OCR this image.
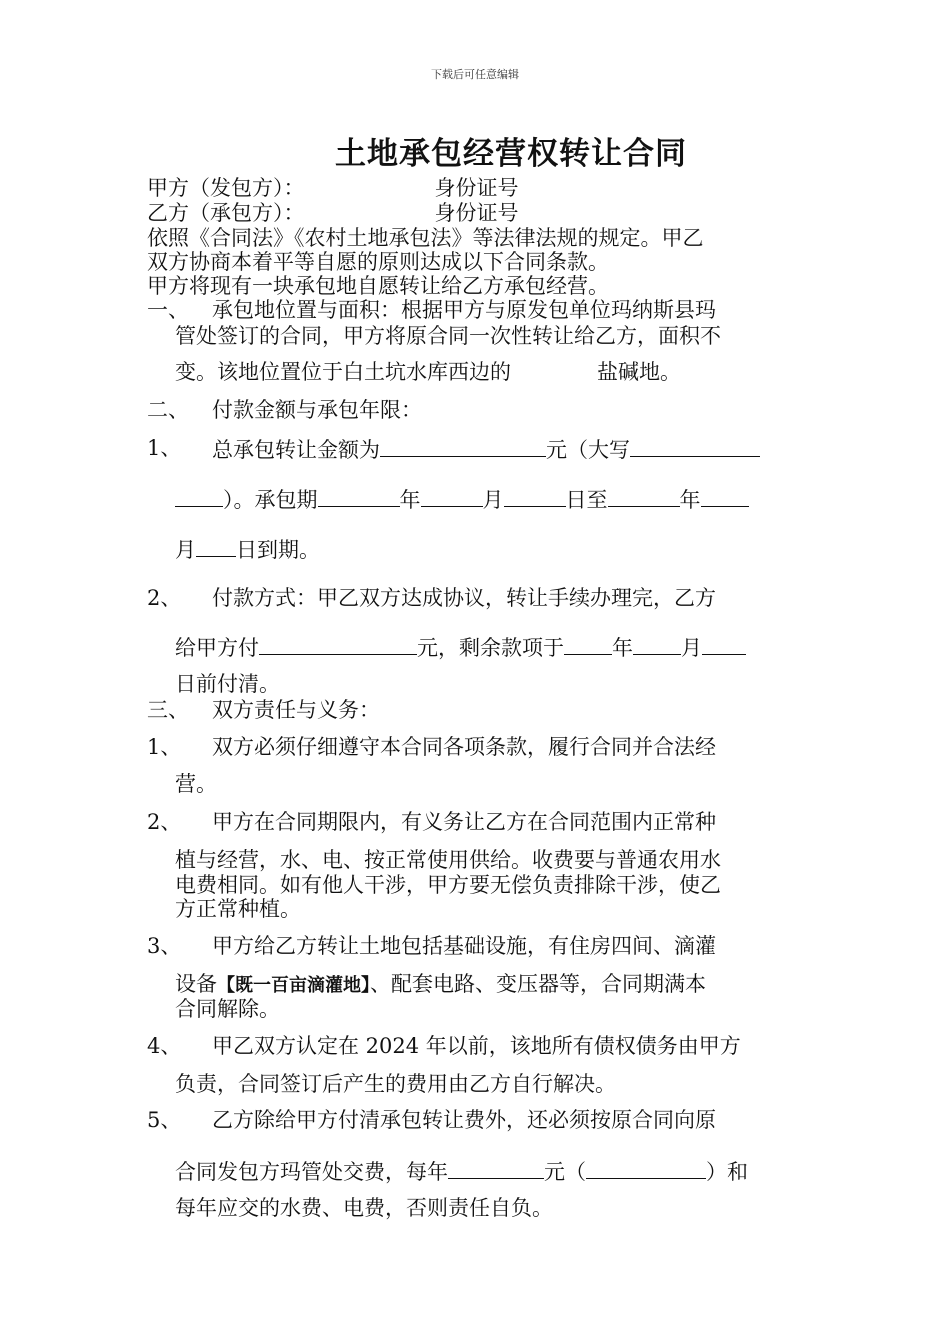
下载后可任意编辑
土地承包经营权转让合同
甲方（发包方）：	身份证号
乙方（承包方）：	身份证号
依照《合同法》《农村土地承包法》等法律法规的规定。甲乙
双方协商本着平等自愿的原则达成以下合同条款。
甲方将现有一块承包地自愿转让给乙方承包经营。
一、 承包地位置与面积：根据甲方与原发包单位玛纳斯县玛
管处签订的合同，甲方将原合同一次性转让给乙方，面积不
变。该地位置位于白土坑水库西边的	盐碱地。
二、 付款金额与承包年限：
1、 总承包转让金额为	元（大写
）。承包期	年	月	日至	年
月 日到期。
2、 付款方式：甲乙双方达成协议，转让手续办理完，乙方
给甲方付	元，剩余款项于 年 月
日前付清。
三、 双方责任与义务：
1、 双方必须仔细遵守本合同各项条款，履行合同并合法经
营。
2、 甲方在合同期限内，有义务让乙方在合同范围内正常种
植与经营，水、电、按正常使用供给。收费要与普通农用水
电费相同。如有他人干涉，甲方要无偿负责排除干涉，使乙
方正常种植。
3、 甲方给乙方转让土地包括基础设施，有住房四间、滴灌
设备【既一百亩滴灌地】、配套电路、变压器等，合同期满本
合同解除。
4、 甲乙双方认定在 2024 年以前，该地所有债权债务由甲方
负责，合同签订后产生的费用由乙方自行解决。
5、 乙方除给甲方付清承包转让费外，还必须按原合同向原
合同发包方玛管处交费，每年	元（	）和
每年应交的水费、电费，否则责任自负。
